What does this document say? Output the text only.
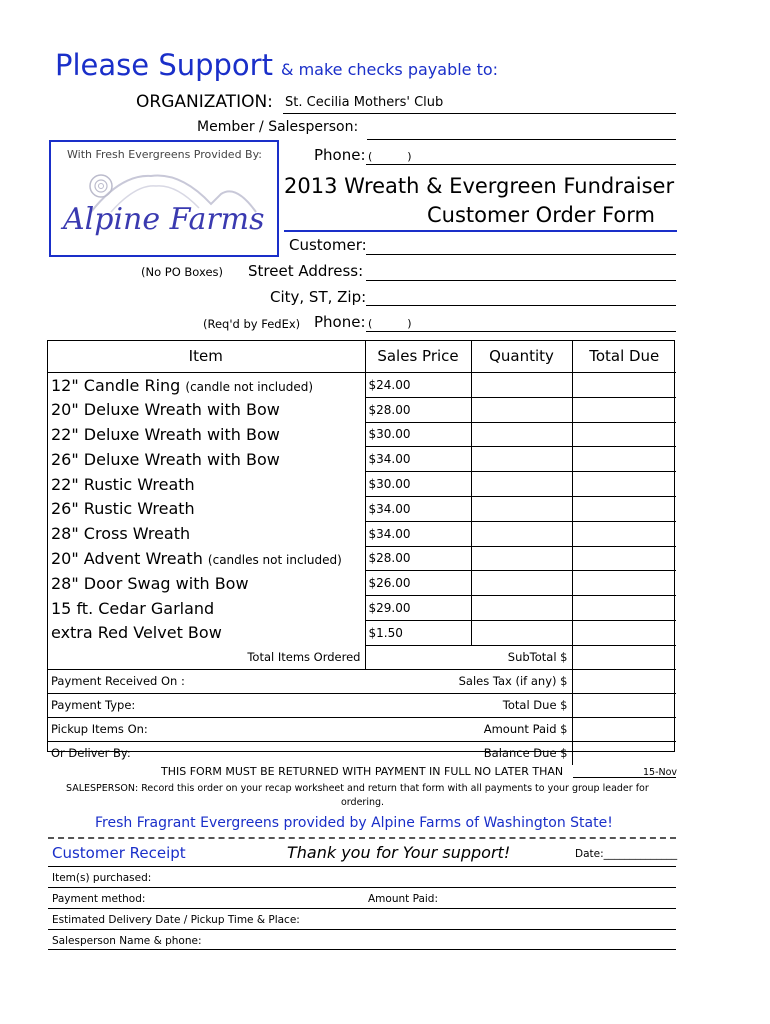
Please Support & make checks payable to:
ORGANIZATION: St. Cecilia Mothers' Club
Member / Salesperson:
Phone: (          )
With Fresh Evergreens Provided By:
Alpine Farms
2013 Wreath & Evergreen Fundraiser
Customer Order Form
Customer:
(No PO Boxes) Street Address:
City, ST, Zip:
(Req'd by FedEx) Phone: (          )
Item	Sales Price	Quantity	Total Due
12" Candle Ring (candle not included)	$24.00		
20" Deluxe Wreath with Bow	$28.00		
22" Deluxe Wreath with Bow	$30.00		
26" Deluxe Wreath with Bow	$34.00		
22" Rustic Wreath	$30.00		
26" Rustic Wreath	$34.00		
28" Cross Wreath	$34.00		
20" Advent Wreath (candles not included)	$28.00		
28" Door Swag with Bow	$26.00		
15 ft. Cedar Garland	$29.00		
extra Red Velvet Bow	$1.50		
Total Items Ordered	SubTotal $		
Payment Received On :	Sales Tax (if any) $		
Payment Type:	Total Due $		
Pickup Items On:	Amount Paid $		
Or Deliver By:	Balance Due $		
THIS FORM MUST BE RETURNED WITH PAYMENT IN FULL NO LATER THAN	15-Nov
SALESPERSON: Record this order on your recap worksheet and return that form with all payments to your group leader for
ordering.
Fresh Fragrant Evergreens provided by Alpine Farms of Washington State!
Customer Receipt	Thank you for Your support!	Date:______________
Item(s) purchased:
Payment method:	Amount Paid:
Estimated Delivery Date / Pickup Time & Place:
Salesperson Name & phone:
